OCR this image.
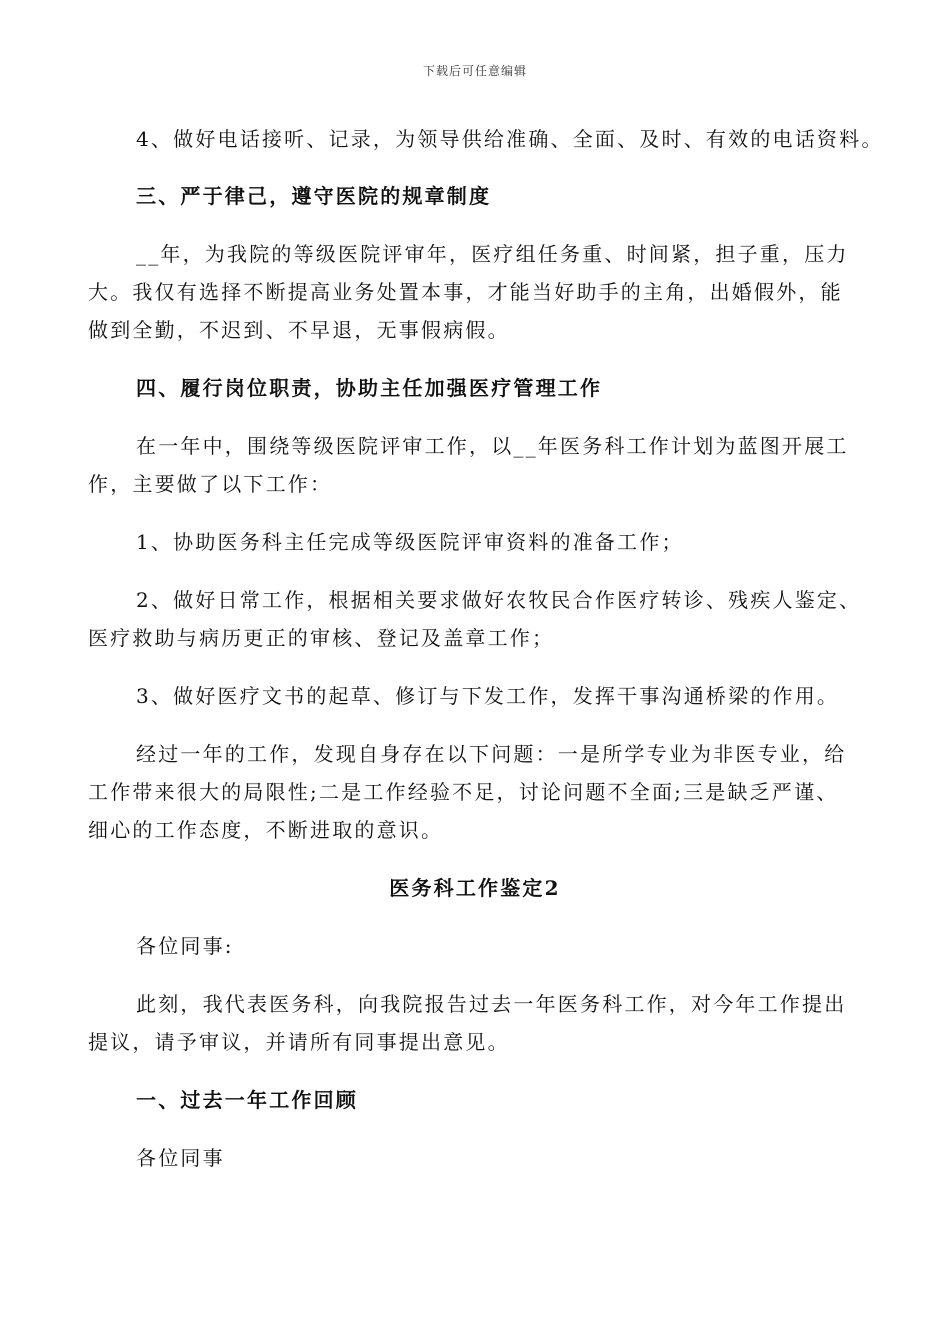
下载后可任意编辑
4、做好电话接听、记录，为领导供给准确、全面、及时、有效的电话资料。
三、严于律己，遵守医院的规章制度
__年，为我院的等级医院评审年，医疗组任务重、时间紧，担子重，压力
大。我仅有选择不断提高业务处置本事，才能当好助手的主角，出婚假外，能
做到全勤，不迟到、不早退，无事假病假。
四、履行岗位职责，协助主任加强医疗管理工作
在一年中，围绕等级医院评审工作，以__年医务科工作计划为蓝图开展工
作，主要做了以下工作：
1、协助医务科主任完成等级医院评审资料的准备工作；
2、做好日常工作，根据相关要求做好农牧民合作医疗转诊、残疾人鉴定、
医疗救助与病历更正的审核、登记及盖章工作；
3、做好医疗文书的起草、修订与下发工作，发挥干事沟通桥梁的作用。
经过一年的工作，发现自身存在以下问题：一是所学专业为非医专业，给
工作带来很大的局限性;二是工作经验不足，讨论问题不全面;三是缺乏严谨、
细心的工作态度，不断进取的意识。
医务科工作鉴定2
各位同事:
此刻，我代表医务科，向我院报告过去一年医务科工作，对今年工作提出
提议，请予审议，并请所有同事提出意见。
一、过去一年工作回顾
各位同事
